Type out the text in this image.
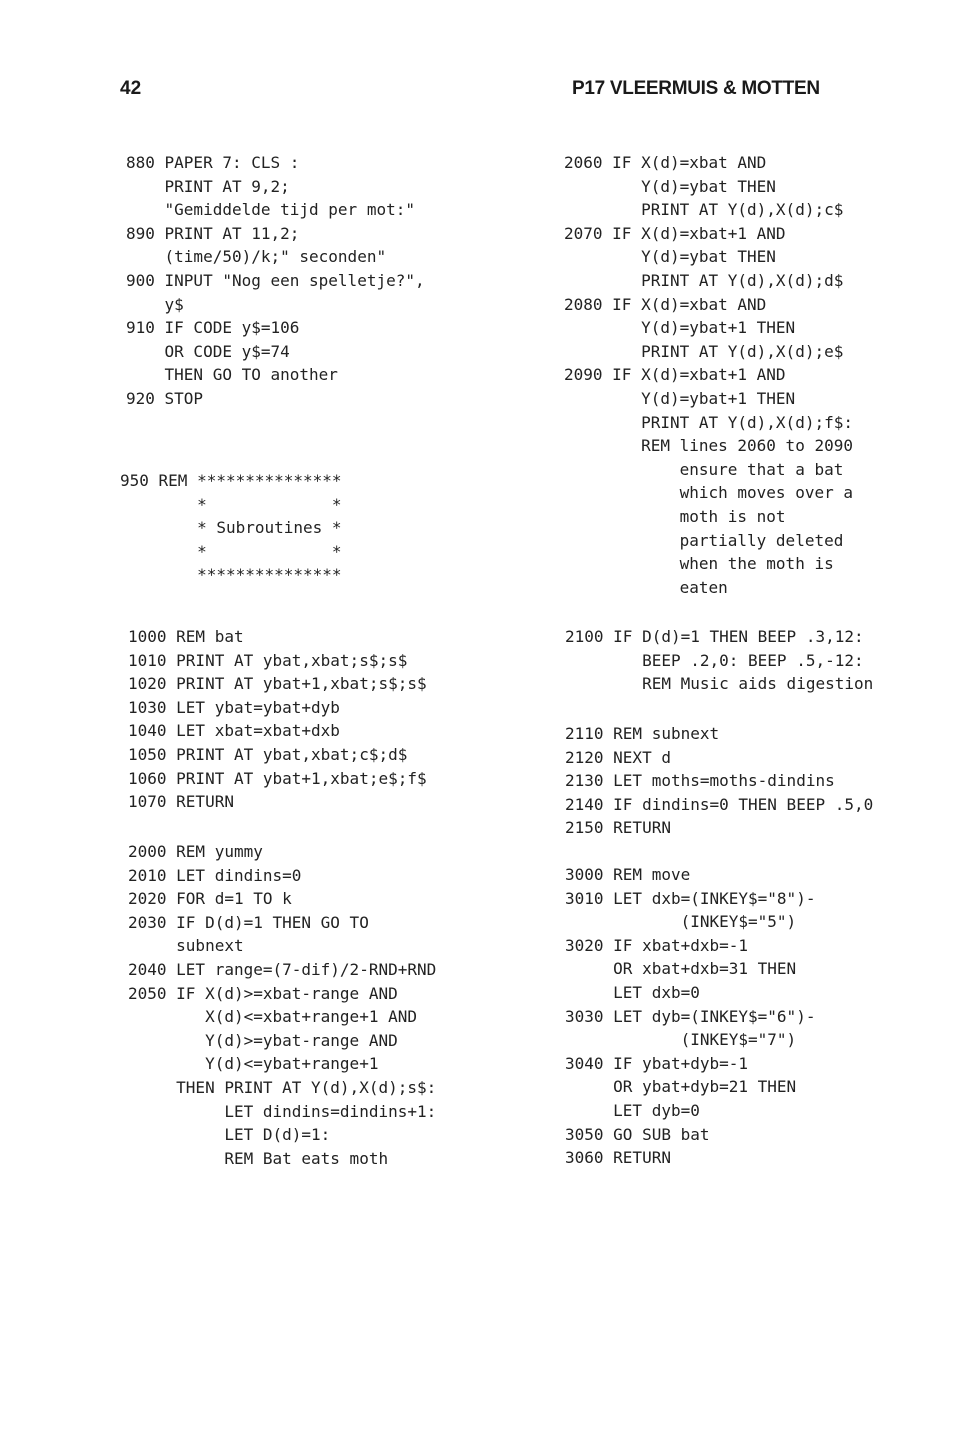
42	P17 VLEERMUIS & MOTTEN
880 PAPER 7: CLS :
PRINT AT 9,2;
"Gemiddelde tijd per mot:"
890 PRINT AT 11,2;
(time/50)/k;" seconden"
900 INPUT "Nog een spelletje?",
y$
910 IF CODE y$=106
OR CODE y$=74
THEN GO TO another
920 STOP
950 REM ***************
*             *
* Subroutines *
*             *
***************
1000 REM bat
1010 PRINT AT ybat,xbat;s$;s$
1020 PRINT AT ybat+1,xbat;s$;s$
1030 LET ybat=ybat+dyb
1040 LET xbat=xbat+dxb
1050 PRINT AT ybat,xbat;c$;d$
1060 PRINT AT ybat+1,xbat;e$;f$
1070 RETURN
2000 REM yummy
2010 LET dindins=0
2020 FOR d=1 TO k
2030 IF D(d)=1 THEN GO TO
subnext
2040 LET range=(7-dif)/2-RND+RND
2050 IF X(d)>=xbat-range AND
X(d)<=xbat+range+1 AND
Y(d)>=ybat-range AND
Y(d)<=ybat+range+1
THEN PRINT AT Y(d),X(d);s$:
LET dindins=dindins+1:
LET D(d)=1:
REM Bat eats moth
2060 IF X(d)=xbat AND
Y(d)=ybat THEN
PRINT AT Y(d),X(d);c$
2070 IF X(d)=xbat+1 AND
Y(d)=ybat THEN
PRINT AT Y(d),X(d);d$
2080 IF X(d)=xbat AND
Y(d)=ybat+1 THEN
PRINT AT Y(d),X(d);e$
2090 IF X(d)=xbat+1 AND
Y(d)=ybat+1 THEN
PRINT AT Y(d),X(d);f$:
REM lines 2060 to 2090
ensure that a bat
which moves over a
moth is not
partially deleted
when the moth is
eaten
2100 IF D(d)=1 THEN BEEP .3,12:
BEEP .2,0: BEEP .5,-12:
REM Music aids digestion
2110 REM subnext
2120 NEXT d
2130 LET moths=moths-dindins
2140 IF dindins=0 THEN BEEP .5,0
2150 RETURN
3000 REM move
3010 LET dxb=(INKEY$="8")-
(INKEY$="5")
3020 IF xbat+dxb=-1
OR xbat+dxb=31 THEN
LET dxb=0
3030 LET dyb=(INKEY$="6")-
(INKEY$="7")
3040 IF ybat+dyb=-1
OR ybat+dyb=21 THEN
LET dyb=0
3050 GO SUB bat
3060 RETURN
